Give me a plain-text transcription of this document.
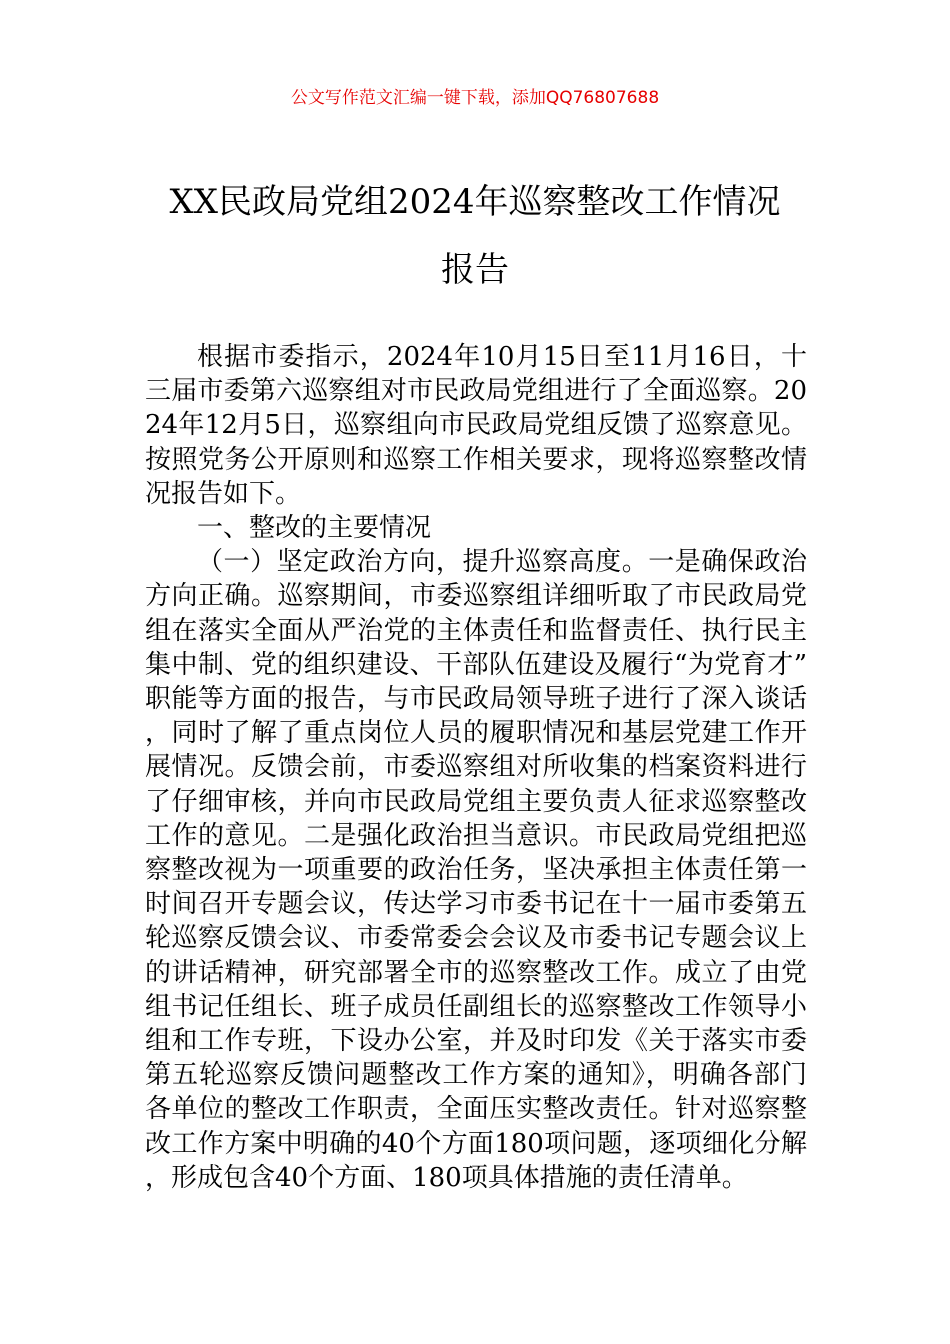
公文写作范文汇编一键下载，添加QQ76807688
XX民政局党组2024年巡察整改工作情况
报告

根据市委指示，2024年10月15日至11月16日，十三届市委第六巡察组对市民政局党组进行了全面巡察。2024年12月5日，巡察组向市民政局党组反馈了巡察意见。按照党务公开原则和巡察工作相关要求，现将巡察整改情况报告如下。

一、整改的主要情况

（一）坚定政治方向，提升巡察高度。一是确保政治方向正确。巡察期间，市委巡察组详细听取了市民政局党组在落实全面从严治党的主体责任和监督责任、执行民主集中制、党的组织建设、干部队伍建设及履行“为党育才”职能等方面的报告，与市民政局领导班子进行了深入谈话，同时了解了重点岗位人员的履职情况和基层党建工作开展情况。反馈会前，市委巡察组对所收集的档案资料进行了仔细审核，并向市民政局党组主要负责人征求巡察整改工作的意见。二是强化政治担当意识。市民政局党组把巡察整改视为一项重要的政治任务，坚决承担主体责任第一时间召开专题会议，传达学习市委书记在十一届市委第五轮巡察反馈会议、市委常委会会议及市委书记专题会议上的讲话精神，研究部署全市的巡察整改工作。成立了由党组书记任组长、班子成员任副组长的巡察整改工作领导小组和工作专班，下设办公室，并及时印发《关于落实市委第五轮巡察反馈问题整改工作方案的通知》，明确各部门各单位的整改工作职责，全面压实整改责任。针对巡察整改工作方案中明确的40个方面180项问题，逐项细化分解，形成包含40个方面、180项具体措施的责任清单。
